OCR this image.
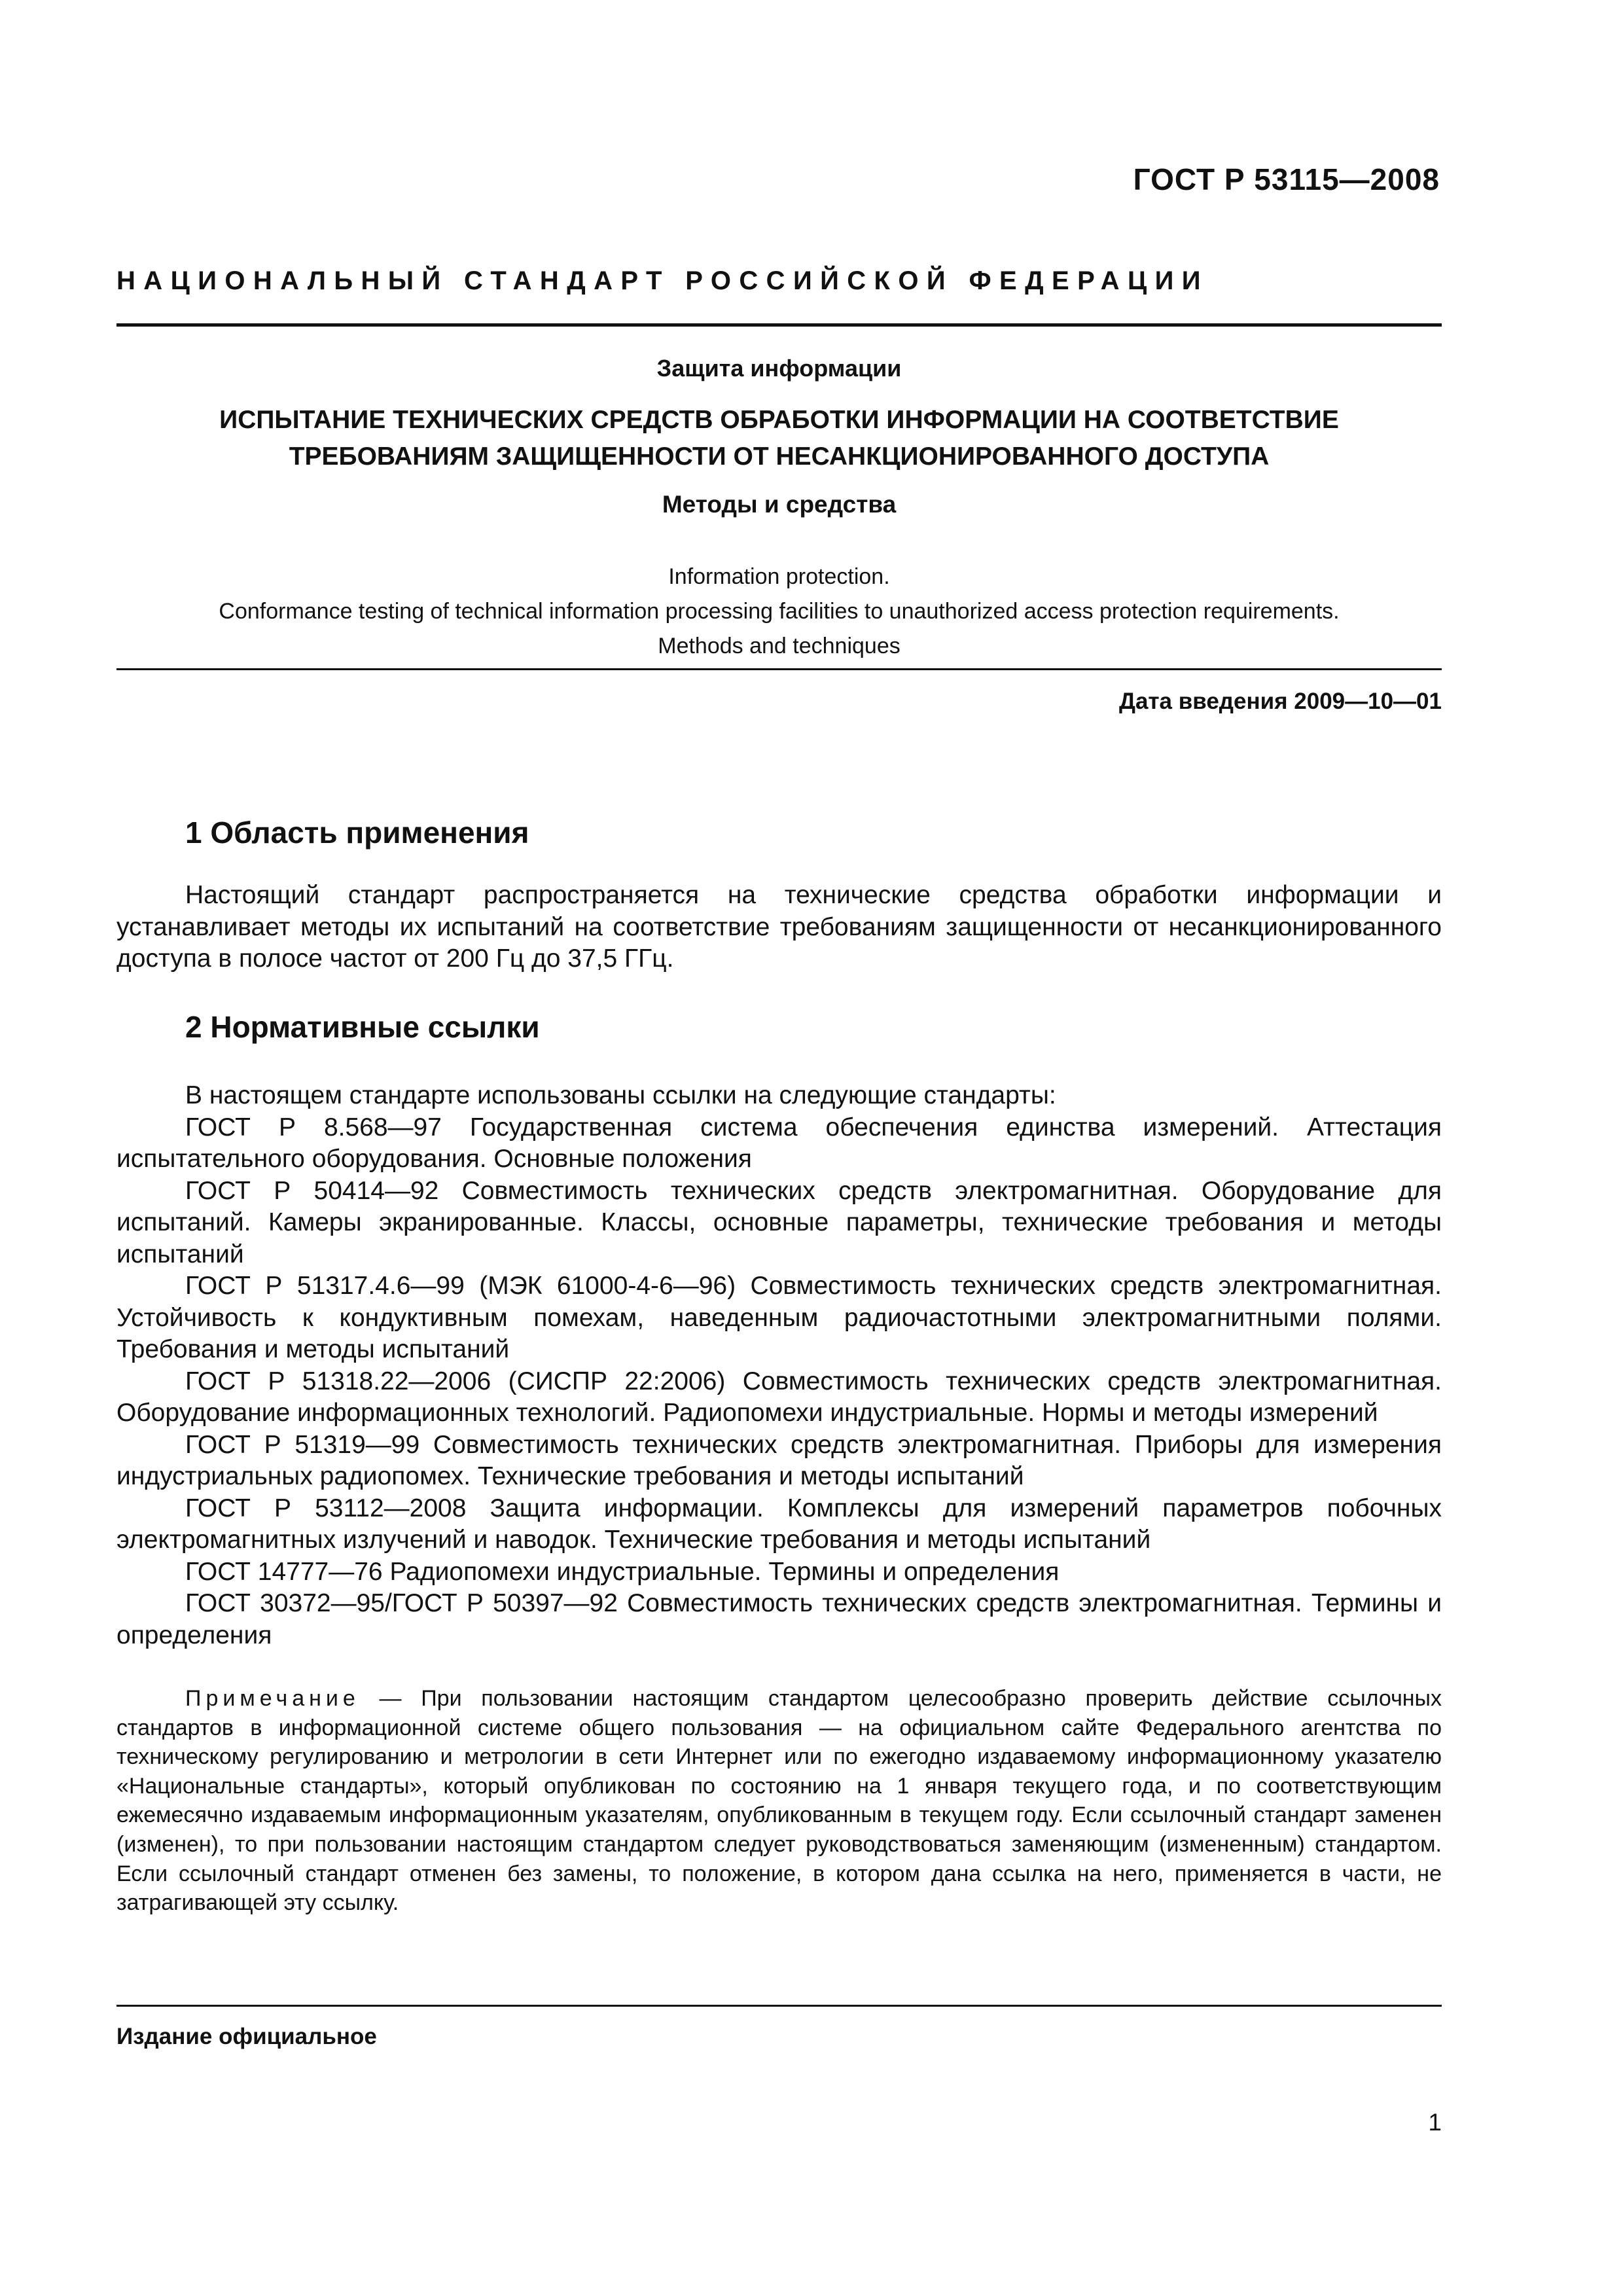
ГОСТ Р 53115—2008
НАЦИОНАЛЬНЫЙ СТАНДАРТ РОССИЙСКОЙ ФЕДЕРАЦИИ
Защита информации
ИСПЫТАНИЕ ТЕХНИЧЕСКИХ СРЕДСТВ ОБРАБОТКИ ИНФОРМАЦИИ НА СООТВЕТСТВИЕ
ТРЕБОВАНИЯМ ЗАЩИЩЕННОСТИ ОТ НЕСАНКЦИОНИРОВАННОГО ДОСТУПА
Методы и средства
Information protection.
Conformance testing of technical information processing facilities to unauthorized access protection requirements.
Methods and techniques
Дата введения 2009—10—01
1 Область применения
Настоящий стандарт распространяется на технические средства обработки информации и устанавливает методы их испытаний на соответствие требованиям защищенности от несанкционированного доступа в полосе частот от 200 Гц до 37,5 ГГц.
2 Нормативные ссылки

В настоящем стандарте использованы ссылки на следующие стандарты:

ГОСТ Р 8.568—97 Государственная система обеспечения единства измерений. Аттестация испытательного оборудования. Основные положения

ГОСТ Р 50414—92 Совместимость технических средств электромагнитная. Оборудование для испытаний. Камеры экранированные. Классы, основные параметры, технические требования и методы испытаний

ГОСТ Р 51317.4.6—99 (МЭК 61000-4-6—96) Совместимость технических средств электромагнитная. Устойчивость к кондуктивным помехам, наведенным радиочастотными электромагнитными полями. Требования и методы испытаний

ГОСТ Р 51318.22—2006 (СИСПР 22:2006) Совместимость технических средств электромагнитная. Оборудование информационных технологий. Радиопомехи индустриальные. Нормы и методы измерений

ГОСТ Р 51319—99 Совместимость технических средств электромагнитная. Приборы для измерения индустриальных радиопомех. Технические требования и методы испытаний

ГОСТ Р 53112—2008 Защита информации. Комплексы для измерений параметров побочных электромагнитных излучений и наводок. Технические требования и методы испытаний

ГОСТ 14777—76 Радиопомехи индустриальные. Термины и определения

ГОСТ 30372—95/ГОСТ Р 50397—92 Совместимость технических средств электромагнитная. Термины и определения

Примечание — При пользовании настоящим стандартом целесообразно проверить действие ссылочных стандартов в информационной системе общего пользования — на официальном сайте Федерального агентства по техническому регулированию и метрологии в сети Интернет или по ежегодно издаваемому информационному указателю «Национальные стандарты», который опубликован по состоянию на 1 января текущего года, и по соответствующим ежемесячно издаваемым информационным указателям, опубликованным в текущем году. Если ссылочный стандарт заменен (изменен), то при пользовании настоящим стандартом следует руководствоваться заменяющим (измененным) стандартом. Если ссылочный стандарт отменен без замены, то положение, в котором дана ссылка на него, применяется в части, не затрагивающей эту ссылку.
Издание официальное
1
